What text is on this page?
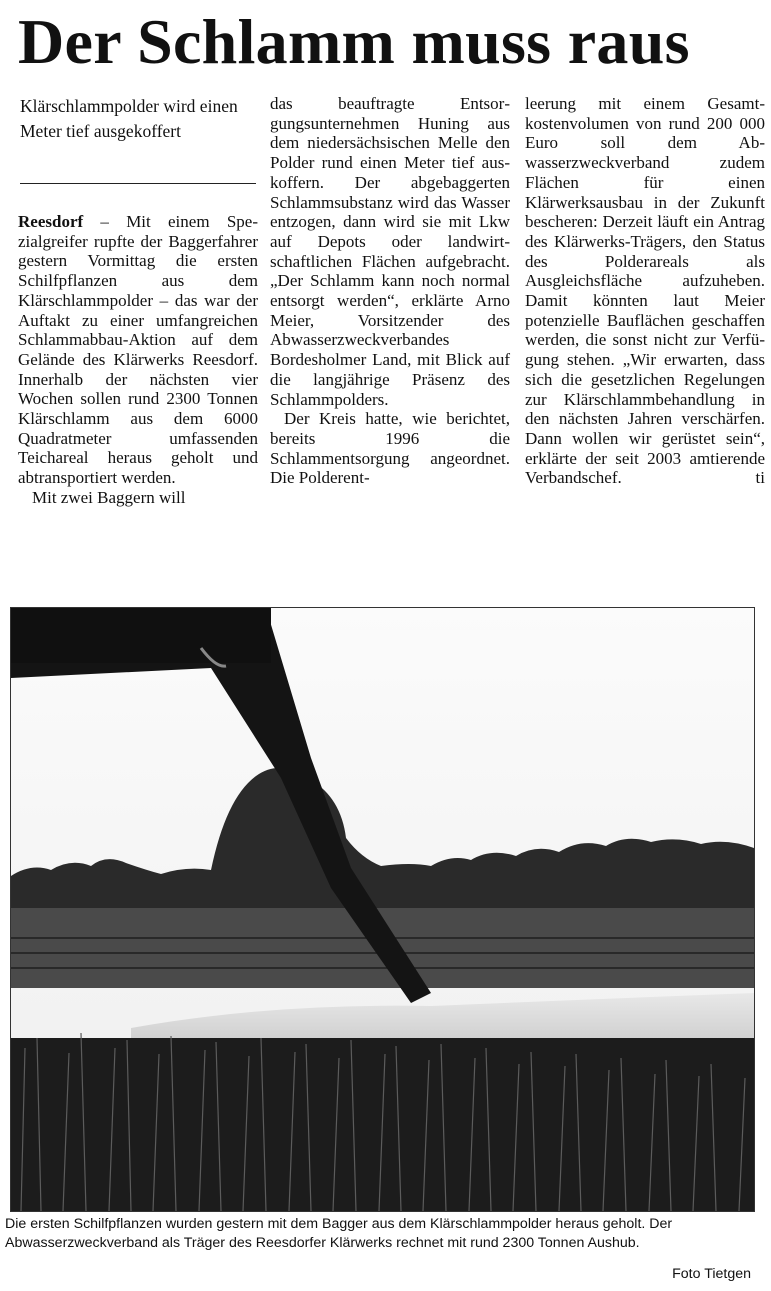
Der Schlamm muss raus
Klärschlammpolder wird einen Meter tief ausgekoffert

Reesdorf – Mit einem Spezialgreifer rupfte der Baggerfahrer gestern Vormittag die ersten Schilfpflanzen aus dem Klärschlammpolder – das war der Auftakt zu einer umfangreichen Schlammabbau-Aktion auf dem Gelände des Klärwerks Reesdorf. Innerhalb der nächsten vier Wochen sollen rund 2300 Tonnen Klärschlamm aus dem 6000 Quadratmeter umfassenden Teichareal heraus geholt und abtransportiert werden.

Mit zwei Baggern will

das beauftragte Entsorgungsunternehmen Huning aus dem niedersächsischen Melle den Polder rund einen Meter tief auskoffern. Der abgebaggerten Schlammsubstanz wird das Wasser entzogen, dann wird sie mit Lkw auf Depots oder landwirtschaftlichen Flächen aufgebracht. „Der Schlamm kann noch normal entsorgt werden“, erklärte Arno Meier, Vorsitzender des Abwasserzweckverbandes Bordesholmer Land, mit Blick auf die langjährige Präsenz des Schlammpolders.

Der Kreis hatte, wie berichtet, bereits 1996 die Schlammentsorgung angeordnet. Die Polderent-

leerung mit einem Gesamtkostenvolumen von rund 200 000 Euro soll dem Abwasserzweckverband zudem Flächen für einen Klärwerksausbau in der Zukunft bescheren: Derzeit läuft ein Antrag des Klärwerks-Trägers, den Status des Polderareals als Ausgleichsfläche aufzuheben. Damit könnten laut Meier potenzielle Bauflächen geschaffen werden, die sonst nicht zur Verfügung stehen. „Wir erwarten, dass sich die gesetzlichen Regelungen zur Klärschlammbehandlung in den nächsten Jahren verschärfen. Dann wollen wir gerüstet sein“, erklärte der seit 2003 amtierende Verbandschef.	ti

Die ersten Schilfpflanzen wurden gestern mit dem Bagger aus dem Klärschlammpolder heraus geholt. Der Abwasserzweckverband als Träger des Reesdorfer Klärwerks rechnet mit rund 2300 Tonnen Aushub.
Foto Tietgen
